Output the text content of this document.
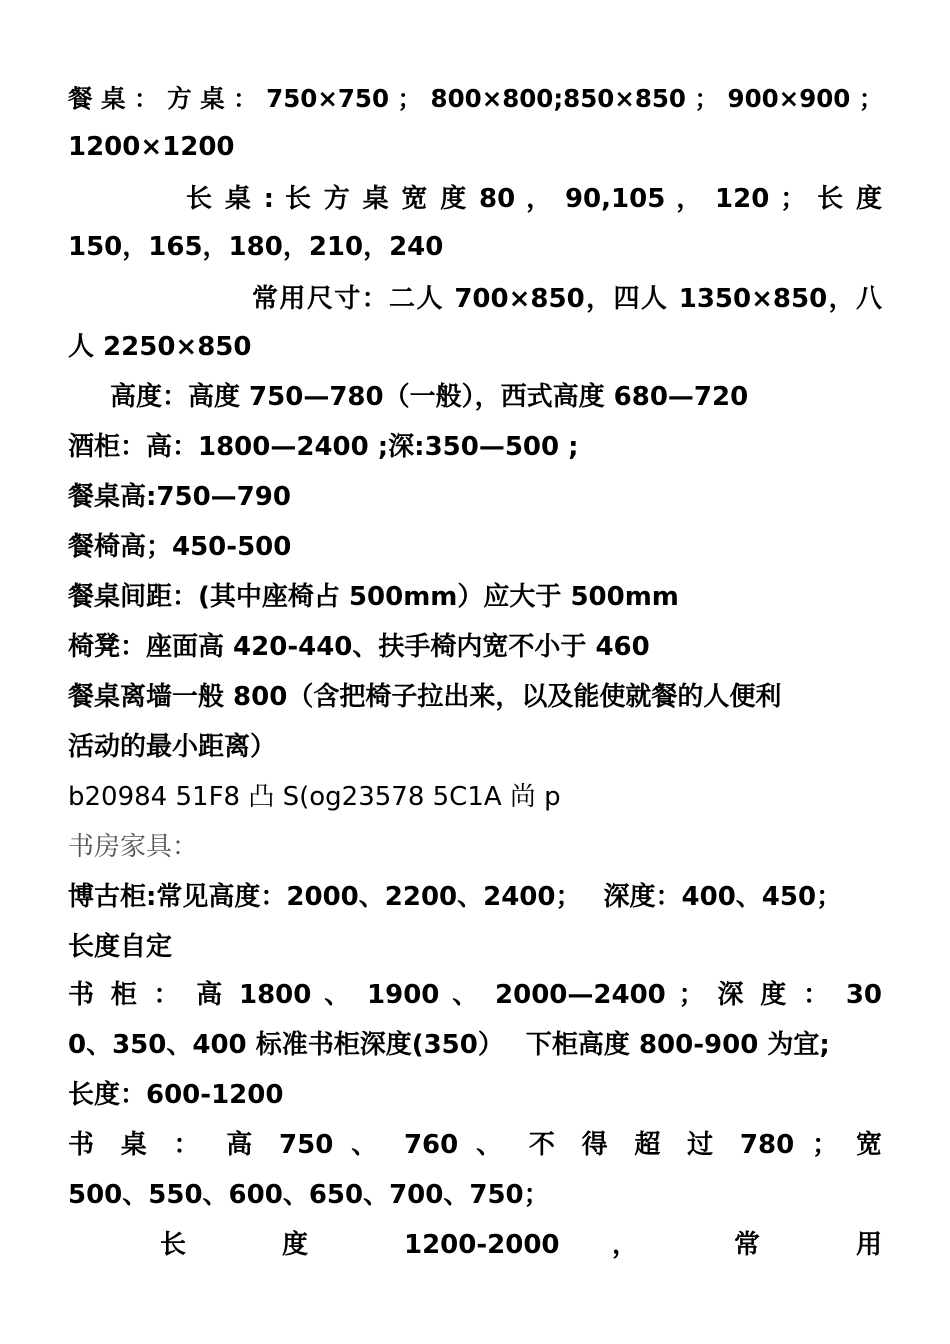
餐 桌 ： 方 桌 ： 750×750 ； 800×800;850×850 ； 900×900 ；
1200×1200
长 桌 : 长 方 桌 宽 度 80 ， 90,105 ， 120 ； 长 度
150，165，180，210，240
常用尺寸：二人 700×850，四人 1350×850，八
人 2250×850
高度：高度 750—780（一般），西式高度 680—720
酒柜：高：1800—2400 ;深:350—500 ;
餐桌高:750—790
餐椅高；450-500
餐桌间距：(其中座椅占 500mm）应大于 500mm
椅凳：座面高 420-440、扶手椅内宽不小于 460
餐桌离墙一般 800（含把椅子拉出来，以及能使就餐的人便利
活动的最小距离）
b20984 51F8 凸 S(og23578 5C1A 尚 p
书房家具：
博古柜:常见高度：2000、2200、2400；　 深度：400、450；
长度自定
书 柜 ： 高 1800 、 1900 、 2000—2400 ； 深 度 ： 30
0、350、400 标准书柜深度(350）　 下柜高度 800-900 为宜;
长度：600-1200
书 桌 ： 高 750 、 760 、 不 得 超 过 780 ； 宽
500、550、600、650、700、750；
长 度 1200-2000 ， 常 用
